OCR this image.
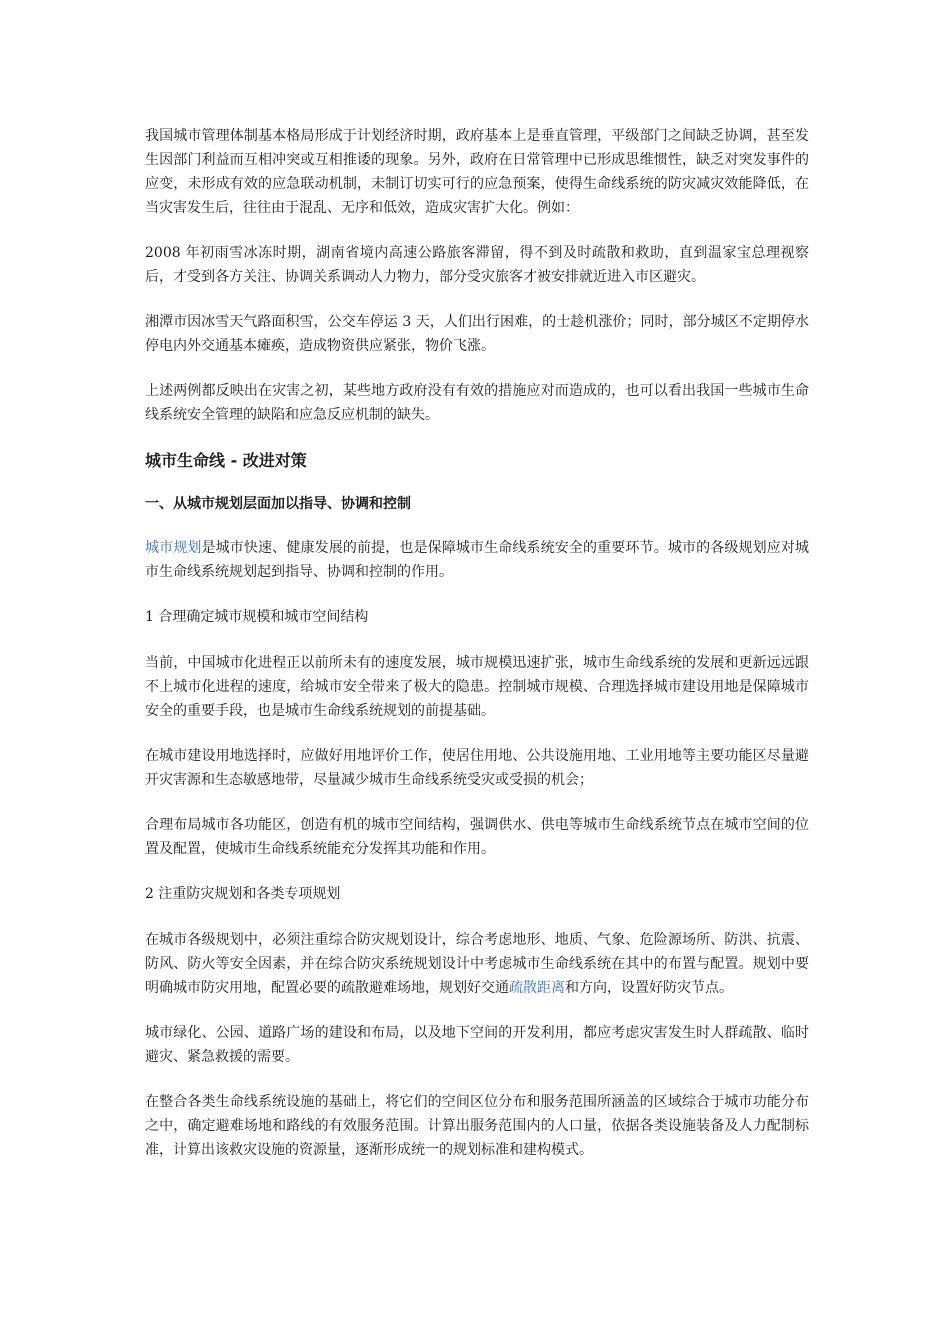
我国城市管理体制基本格局形成于计划经济时期，政府基本上是垂直管理，平级部门之间缺乏协调，甚至发生因部门利益而互相冲突或互相推诿的现象。另外，政府在日常管理中已形成思维惯性，缺乏对突发事件的应变，未形成有效的应急联动机制，未制订切实可行的应急预案，使得生命线系统的防灾减灾效能降低，在当灾害发生后，往往由于混乱、无序和低效，造成灾害扩大化。例如：

2008 年初雨雪冰冻时期，湖南省境内高速公路旅客滞留，得不到及时疏散和救助，直到温家宝总理视察后，才受到各方关注、协调关系调动人力物力，部分受灾旅客才被安排就近进入市区避灾。

湘潭市因冰雪天气路面积雪，公交车停运 3 天，人们出行困难，的士趁机涨价；同时，部分城区不定期停水停电内外交通基本瘫痪，造成物资供应紧张，物价飞涨。

上述两例都反映出在灾害之初，某些地方政府没有有效的措施应对而造成的，也可以看出我国一些城市生命线系统安全管理的缺陷和应急反应机制的缺失。

城市生命线 - 改进对策
一、从城市规划层面加以指导、协调和控制

城市规划是城市快速、健康发展的前提，也是保障城市生命线系统安全的重要环节。城市的各级规划应对城市生命线系统规划起到指导、协调和控制的作用。

1 合理确定城市规模和城市空间结构

当前，中国城市化进程正以前所未有的速度发展，城市规模迅速扩张，城市生命线系统的发展和更新远远跟不上城市化进程的速度，给城市安全带来了极大的隐患。控制城市规模、合理选择城市建设用地是保障城市安全的重要手段，也是城市生命线系统规划的前提基础。

在城市建设用地选择时，应做好用地评价工作，使居住用地、公共设施用地、工业用地等主要功能区尽量避开灾害源和生态敏感地带，尽量减少城市生命线系统受灾或受损的机会；

合理布局城市各功能区，创造有机的城市空间结构，强调供水、供电等城市生命线系统节点在城市空间的位置及配置，使城市生命线系统能充分发挥其功能和作用。

2 注重防灾规划和各类专项规划

在城市各级规划中，必须注重综合防灾规划设计，综合考虑地形、地质、气象、危险源场所、防洪、抗震、防风、防火等安全因素，并在综合防灾系统规划设计中考虑城市生命线系统在其中的布置与配置。规划中要明确城市防灾用地，配置必要的疏散避难场地，规划好交通疏散距离和方向，设置好防灾节点。

城市绿化、公园、道路广场的建设和布局，以及地下空间的开发利用，都应考虑灾害发生时人群疏散、临时避灾、紧急救援的需要。

在整合各类生命线系统设施的基础上，将它们的空间区位分布和服务范围所涵盖的区域综合于城市功能分布之中，确定避难场地和路线的有效服务范围。计算出服务范围内的人口量，依据各类设施装备及人力配制标准，计算出该救灾设施的资源量，逐渐形成统一的规划标准和建构模式。
